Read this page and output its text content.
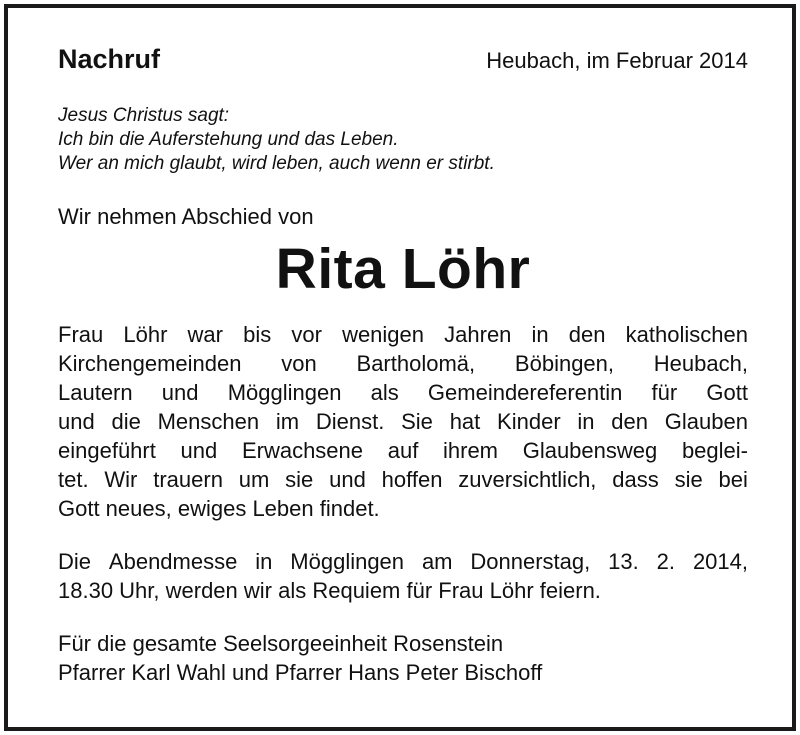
Nachruf	Heubach, im Februar 2014
Jesus Christus sagt:
Ich bin die Auferstehung und das Leben.
Wer an mich glaubt, wird leben, auch wenn er stirbt.
Wir nehmen Abschied von
Rita Löhr
Frau Löhr war bis vor wenigen Jahren in den katholischen
Kirchengemeinden von Bartholomä, Böbingen, Heubach,
Lautern und Mögglingen als Gemeindereferentin für Gott
und die Menschen im Dienst. Sie hat Kinder in den Glauben
eingeführt und Erwachsene auf ihrem Glaubensweg beglei-
tet. Wir trauern um sie und hoffen zuversichtlich, dass sie bei
Gott neues, ewiges Leben findet.
Die Abendmesse in Mögglingen am Donnerstag, 13. 2. 2014,
18.30 Uhr, werden wir als Requiem für Frau Löhr feiern.
Für die gesamte Seelsorgeeinheit Rosenstein
Pfarrer Karl Wahl und Pfarrer Hans Peter Bischoff
